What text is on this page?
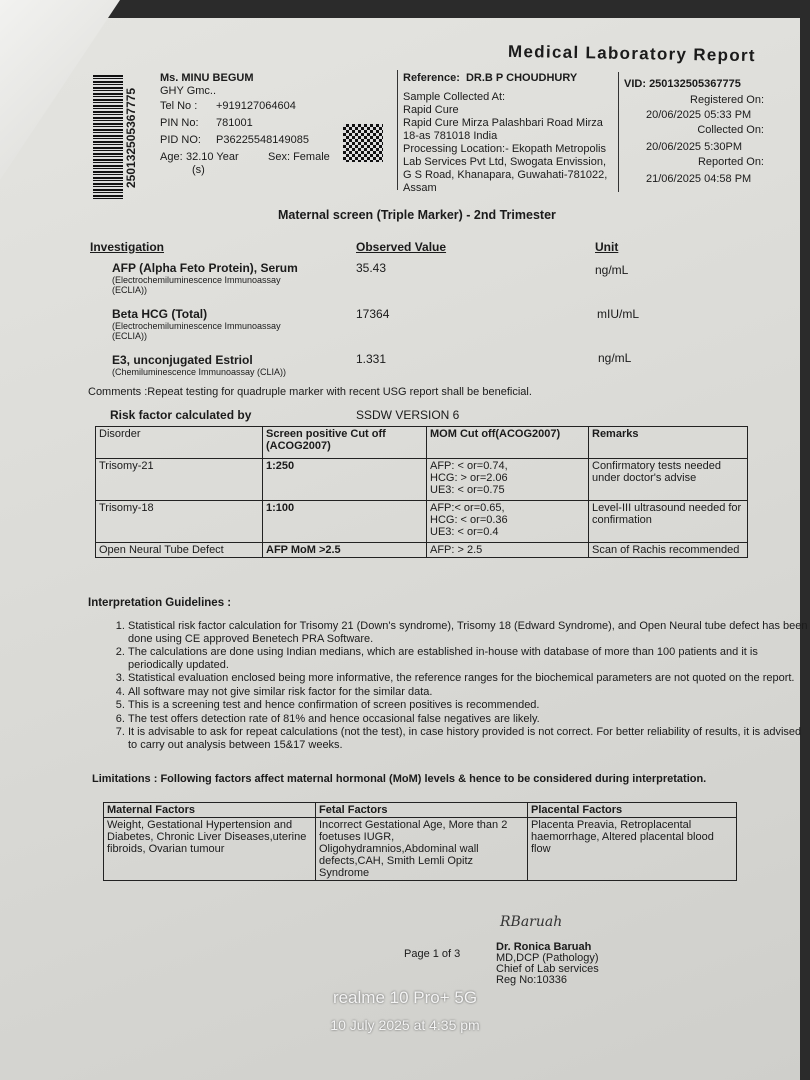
Medical Laboratory Report
250132505367775
Ms. MINU BEGUM
GHY Gmc..
Tel No : +919127064604
PIN No: 781001
PID NO: P36225548149085
Age: 32.10 Year	Sex: Female
(s)
Reference: DR.B P CHOUDHURY
Sample Collected At:
Rapid Cure
Rapid Cure Mirza Palashbari Road Mirza
18-as 781018 India
Processing Location:- Ekopath Metropolis
Lab Services Pvt Ltd, Swogata Envission,
G S Road, Khanapara, Guwahati-781022,
Assam
VID: 250132505367775
Registered On:
20/06/2025 05:33 PM
Collected On:
20/06/2025 5:30PM
Reported On:
21/06/2025 04:58 PM
Maternal screen (Triple Marker) - 2nd Trimester
Investigation	Observed Value	Unit
AFP (Alpha Feto Protein), Serum
(Electrochemiluminescence Immunoassay
(ECLIA))
35.43	ng/mL
Beta HCG (Total)
(Electrochemiluminescence Immunoassay
(ECLIA))
17364	mIU/mL
E3, unconjugated Estriol
(Chemiluminescence Immunoassay (CLIA))
1.331	ng/mL
Comments :Repeat testing for quadruple marker with recent USG report shall be beneficial.
Risk factor calculated by	SSDW VERSION 6
Disorder	Screen positive Cut off (ACOG2007)	MOM Cut off(ACOG2007)	Remarks
Trisomy-21	1:250	AFP: < or=0.74,
HCG: > or=2.06
UE3: < or=0.75	Confirmatory tests needed under doctor's advise
Trisomy-18	1:100	AFP:< or=0.65,
HCG: < or=0.36
UE3: < or=0.4	Level-III ultrasound needed for confirmation
Open Neural Tube Defect	AFP MoM >2.5	AFP: > 2.5	Scan of Rachis recommended
Interpretation Guidelines :
1. Statistical risk factor calculation for Trisomy 21 (Down's syndrome), Trisomy 18 (Edward Syndrome), and Open Neural tube defect has been done using CE approved Benetech PRA Software.
2. The calculations are done using Indian medians, which are established in-house with database of more than 100 patients and it is periodically updated.
3. Statistical evaluation enclosed being more informative, the reference ranges for the biochemical parameters are not quoted on the report.
4. All software may not give similar risk factor for the similar data.
5. This is a screening test and hence confirmation of screen positives is recommended.
6. The test offers detection rate of 81% and hence occasional false negatives are likely.
7. It is advisable to ask for repeat calculations (not the test), in case history provided is not correct. For better reliability of results, it is advised to carry out analysis between 15&17 weeks.
Limitations : Following factors affect maternal hormonal (MoM) levels & hence to be considered during interpretation.
Maternal Factors	Fetal Factors	Placental Factors
Weight, Gestational Hypertension and Diabetes, Chronic Liver Diseases,uterine fibroids, Ovarian tumour	Incorrect Gestational Age, More than 2 foetuses IUGR, Oligohydramnios,Abdominal wall defects,CAH, Smith Lemli Opitz Syndrome	Placenta Preavia, Retroplacental haemorrhage, Altered placental blood flow
RBaruah
Page 1 of 3
Dr. Ronica Baruah
MD,DCP (Pathology)
Chief of Lab services
Reg No:10336
realme 10 Pro+ 5G
10 July 2025 at 4:35 pm
